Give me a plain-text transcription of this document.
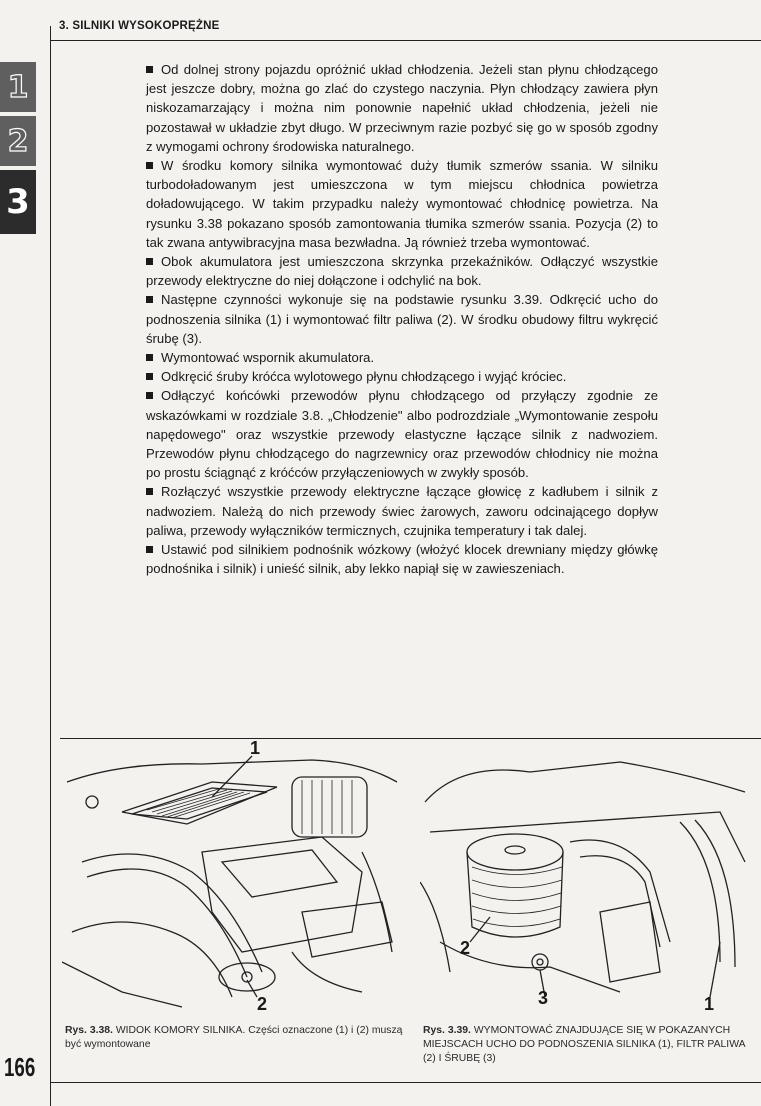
3. SILNIKI WYSOKOPRĘŻNE
1
2
3

Od dolnej strony pojazdu opróżnić układ chłodzenia. Jeżeli stan płynu chłodzącego jest jeszcze dobry, można go zlać do czystego naczynia. Płyn chłodzący zawiera płyn niskozamarzający i można nim ponownie napełnić układ chłodzenia, jeżeli nie pozostawał w układzie zbyt długo. W przeciwnym razie pozbyć się go w sposób zgodny z wymogami ochrony środowiska naturalnego.

W środku komory silnika wymontować duży tłumik szmerów ssania. W silniku turbodoładowanym jest umieszczona w tym miejscu chłodnica powietrza doładowującego. W takim przypadku należy wymontować chłodnicę powietrza. Na rysunku 3.38 pokazano sposób zamontowania tłumika szmerów ssania. Pozycja (2) to tak zwana antywibracyjna masa bezwładna. Ją również trzeba wymontować.

Obok akumulatora jest umieszczona skrzynka przekaźników. Odłączyć wszystkie przewody elektryczne do niej dołączone i odchylić na bok.

Następne czynności wykonuje się na podstawie rysunku 3.39. Odkręcić ucho do podnoszenia silnika (1) i wymontować filtr paliwa (2). W środku obudowy filtru wykręcić śrubę (3).

Wymontować wspornik akumulatora.

Odkręcić śruby króćca wylotowego płynu chłodzącego i wyjąć króciec.

Odłączyć końcówki przewodów płynu chłodzącego od przyłączy zgodnie ze wskazówkami w rozdziale 3.8. „Chłodzenie" albo podrozdziale „Wymontowanie zespołu napędowego" oraz wszystkie przewody elastyczne łączące silnik z nadwoziem. Przewodów płynu chłodzącego do nagrzewnicy oraz przewodów chłodnicy nie można po prostu ściągnąć z króćców przyłączeniowych w zwykły sposób.

Rozłączyć wszystkie przewody elektryczne łączące głowicę z kadłubem i silnik z nadwoziem. Należą do nich przewody świec żarowych, zaworu odcinającego dopływ paliwa, przewody wyłączników termicznych, czujnika temperatury i tak dalej.

Ustawić pod silnikiem podnośnik wózkowy (włożyć klocek drewniany między główkę podnośnika i silnik) i unieść silnik, aby lekko napiął się w zawieszeniach.

1
2
2
3	1
Rys. 3.38. WIDOK KOMORY SILNIKA. Części oznaczone (1) i (2) muszą być wymontowane
Rys. 3.39. WYMONTOWAĆ ZNAJDUJĄCE SIĘ W POKAZANYCH MIEJSCACH UCHO DO PODNOSZENIA SILNIKA (1), FILTR PALIWA (2) I ŚRUBĘ (3)
166
